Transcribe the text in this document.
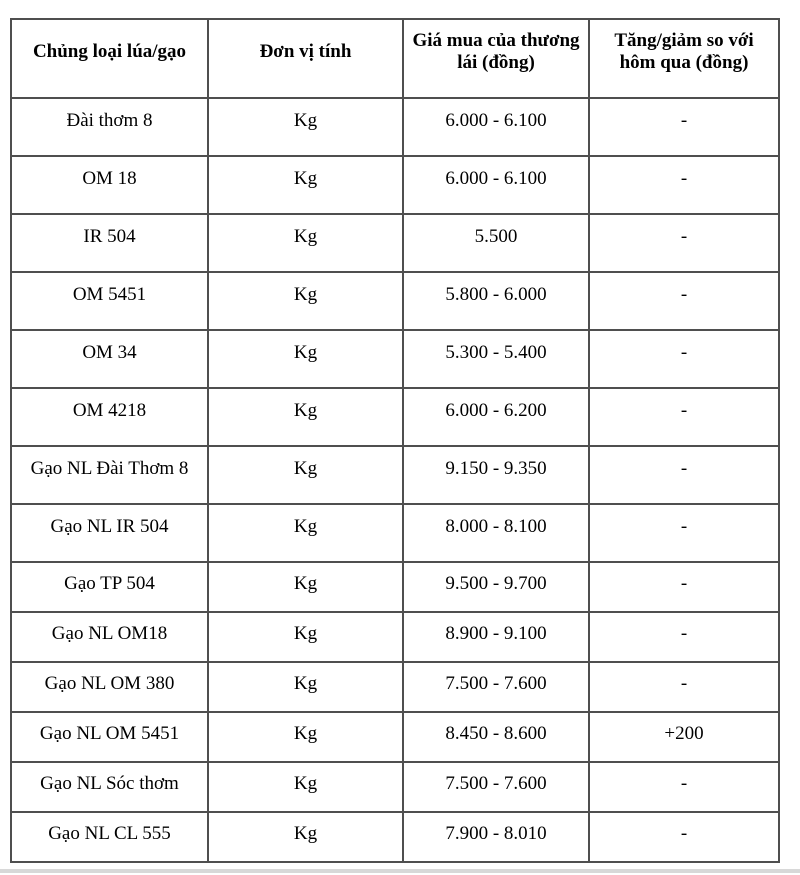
Chủng loại lúa/gạo	Đơn vị tính	Giá mua của thương lái (đồng)	Tăng/giảm so với hôm qua (đồng)
Đài thơm 8	Kg	6.000 - 6.100	-
OM 18	Kg	6.000 - 6.100	-
IR 504	Kg	5.500	-
OM 5451	Kg	5.800 - 6.000	-
OM 34	Kg	5.300 - 5.400	-
OM 4218	Kg	6.000 - 6.200	-
Gạo NL Đài Thơm 8	Kg	9.150 - 9.350	-
Gạo NL IR 504	Kg	8.000 - 8.100	-
Gạo TP 504	Kg	9.500 - 9.700	-
Gạo NL OM18	Kg	8.900 - 9.100	-
Gạo NL OM 380	Kg	7.500 - 7.600	-
Gạo NL OM 5451	Kg	8.450 - 8.600	+200
Gạo NL Sóc thơm	Kg	7.500 - 7.600	-
Gạo NL CL 555	Kg	7.900 - 8.010	-
